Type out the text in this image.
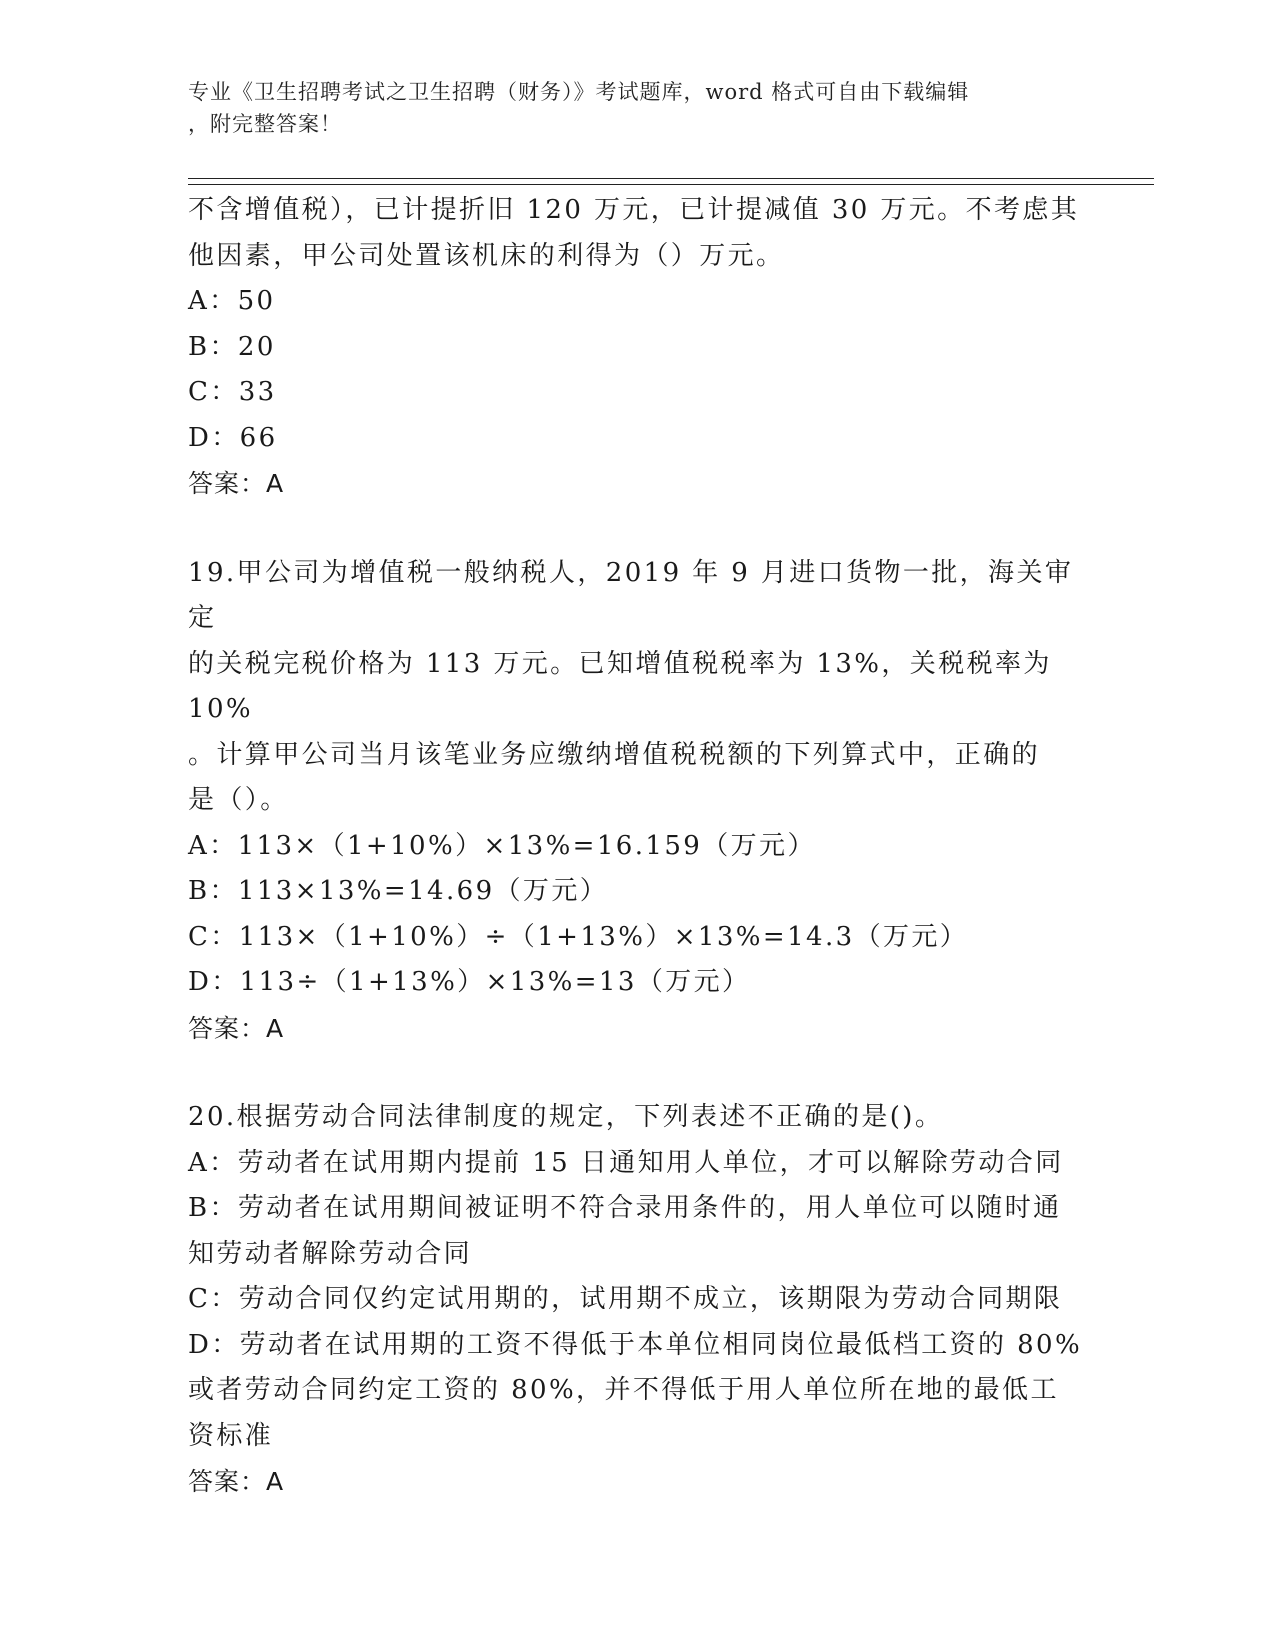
专业《卫生招聘考试之卫生招聘（财务）》考试题库，word 格式可自由下载编辑
，附完整答案！

不含增值税），已计提折旧 120 万元，已计提减值 30 万元。不考虑其

他因素，甲公司处置该机床的利得为（）万元。

A：50

B：20

C：33

D：66

答案：A

19.甲公司为增值税一般纳税人，2019 年 9 月进口货物一批，海关审定

的关税完税价格为 113 万元。已知增值税税率为 13%，关税税率为 10%

。计算甲公司当月该笔业务应缴纳增值税税额的下列算式中，正确的

是（）。

A：113×（1+10%）×13%=16.159（万元）

B：113×13%=14.69（万元）

C：113×（1+10%）÷（1+13%）×13%=14.3（万元）

D：113÷（1+13%）×13%=13（万元）

答案：A

20.根据劳动合同法律制度的规定，下列表述不正确的是()。

A：劳动者在试用期内提前 15 日通知用人单位，才可以解除劳动合同

B：劳动者在试用期间被证明不符合录用条件的，用人单位可以随时通

知劳动者解除劳动合同

C：劳动合同仅约定试用期的，试用期不成立，该期限为劳动合同期限

D：劳动者在试用期的工资不得低于本单位相同岗位最低档工资的 80%

或者劳动合同约定工资的 80%，并不得低于用人单位所在地的最低工

资标准

答案：A
